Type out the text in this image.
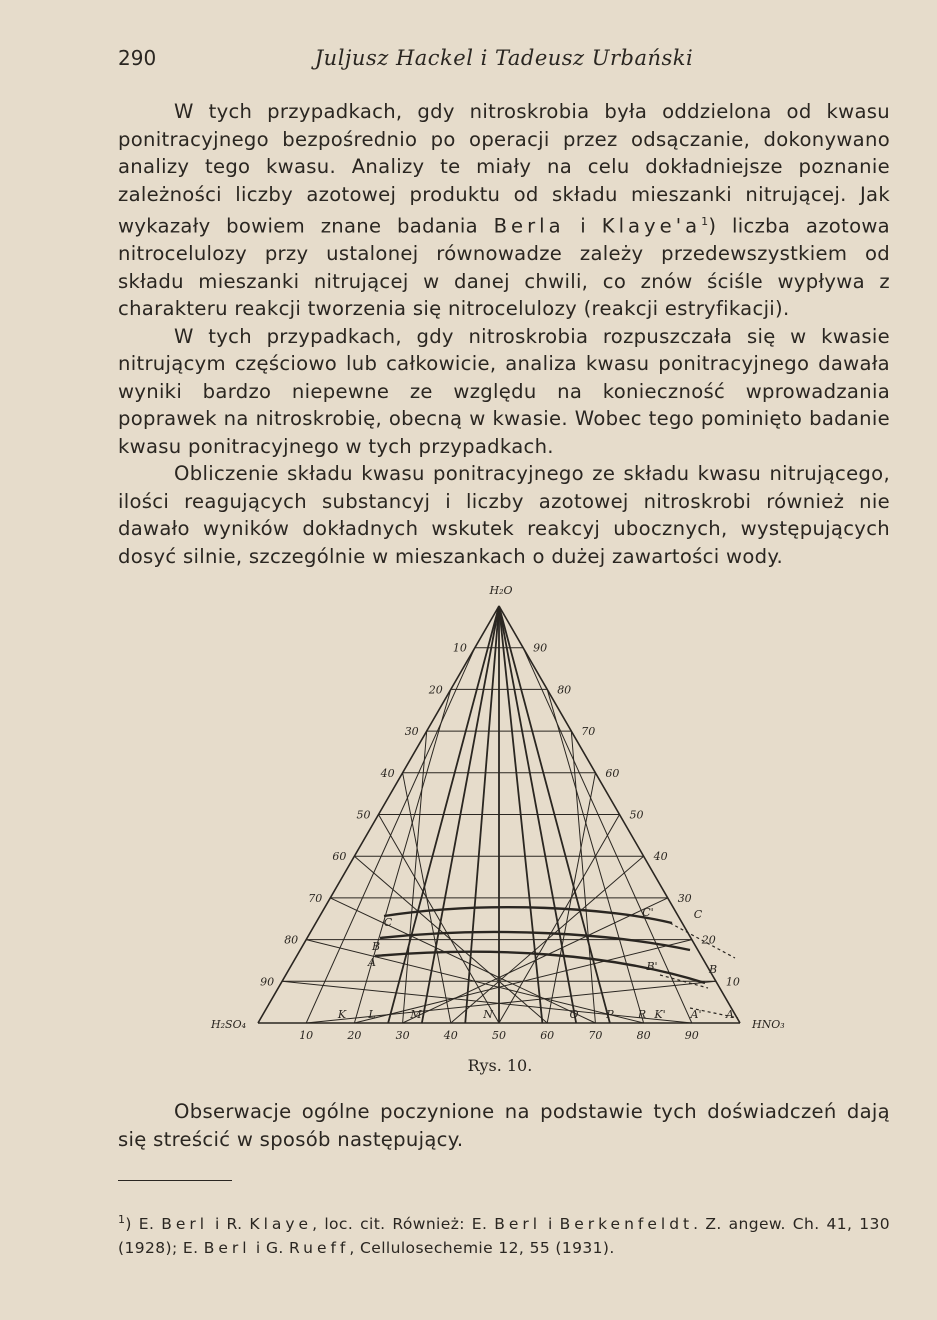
290	Juljusz Hackel i Tadeusz Urbański

W tych przypadkach, gdy nitroskrobia była oddzielona od kwasu ponitracyjnego bezpośrednio po operacji przez odsączanie, dokonywano analizy tego kwasu. Analizy te miały na celu dokładniejsze poznanie zależności liczby azotowej produktu od składu mieszanki nitrującej. Jak wykazały bowiem znane badania Berla i $Klaye'a^1$) liczba azotowa nitrocelulozy przy ustalonej równowadze zależy przedewszystkiem od składu mieszanki nitrującej w danej chwili, co znów ściśle wypływa z charakteru reakcji tworzenia się nitrocelulozy (reakcji estryfikacji).

W tych przypadkach, gdy nitroskrobia rozpuszczała się w kwasie nitrującym częściowo lub całkowicie, analiza kwasu ponitracyjnego dawała wyniki bardzo niepewne ze względu na konieczność wprowadzania poprawek na nitroskrobię, obecną w kwasie. Wobec tego pominięto badanie kwasu ponitracyjnego w tych przypadkach.

Obliczenie składu kwasu ponitracyjnego ze składu kwasu nitrującego, ilości reagujących substancyj i liczby azotowej nitroskrobi również nie dawało wyników dokładnych wskutek reakcyj ubocznych, występujących dosyć silnie, szczególnie w mieszankach o dużej zawartości wody.

10
20
30
40
50
60
70
80
90
90
80
70
60
50
40
30
20
10
10	20	30	40	50	60	70	80	90
H₂O
H₂SO₄	HNO₃
K L	M	N	O	P R K' A' A
C
B
A
C'	C
B'	B
Rys. 10.

Obserwacje ogólne poczynione na podstawie tych doświadczeń dają się streścić w sposób następujący.

$^1$) E. Berl i R. Klaye, loc. cit. Również: E. Berl i Berkenfeldt. Z. angew. Ch. 41, 130 (1928); E. Berl i G. Rueff, Cellulosechemie 12, 55 (1931).
